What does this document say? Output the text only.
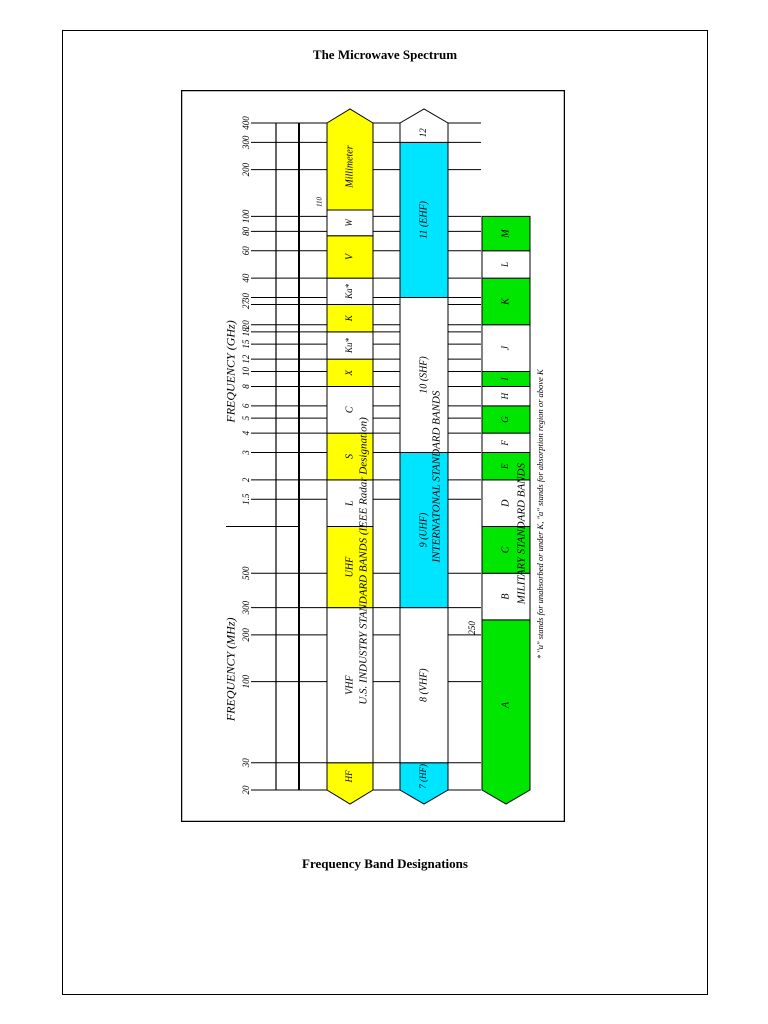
The Microwave Spectrum
400
300
200
100
80
60
40
30
27
20
18
15
12
10
8
6
5
4
3
2
1.5
500
300
200
100
30
20
110
250
FREQUENCY (GHz)
FREQUENCY (MHz)
HF
VHF
UHF
L
S
C
X
Ku*
K
Ka*
V
W
Millimeter
7 (HF)
8 (VHF)
9 (UHF)
10 (SHF)
11 (EHF)
12
A
B
C
D
E
F
G
H
I
J
K
L
M
U.S. INDUSTRY STANDARD BANDS (IEEE Radar Designation)	INTERNATONAL STANDARD BANDS	MILITARY STANDARD BANDS * "u" stands for unabsorbed or under K, "a" stands for absorption region or above K
Frequency Band Designations
